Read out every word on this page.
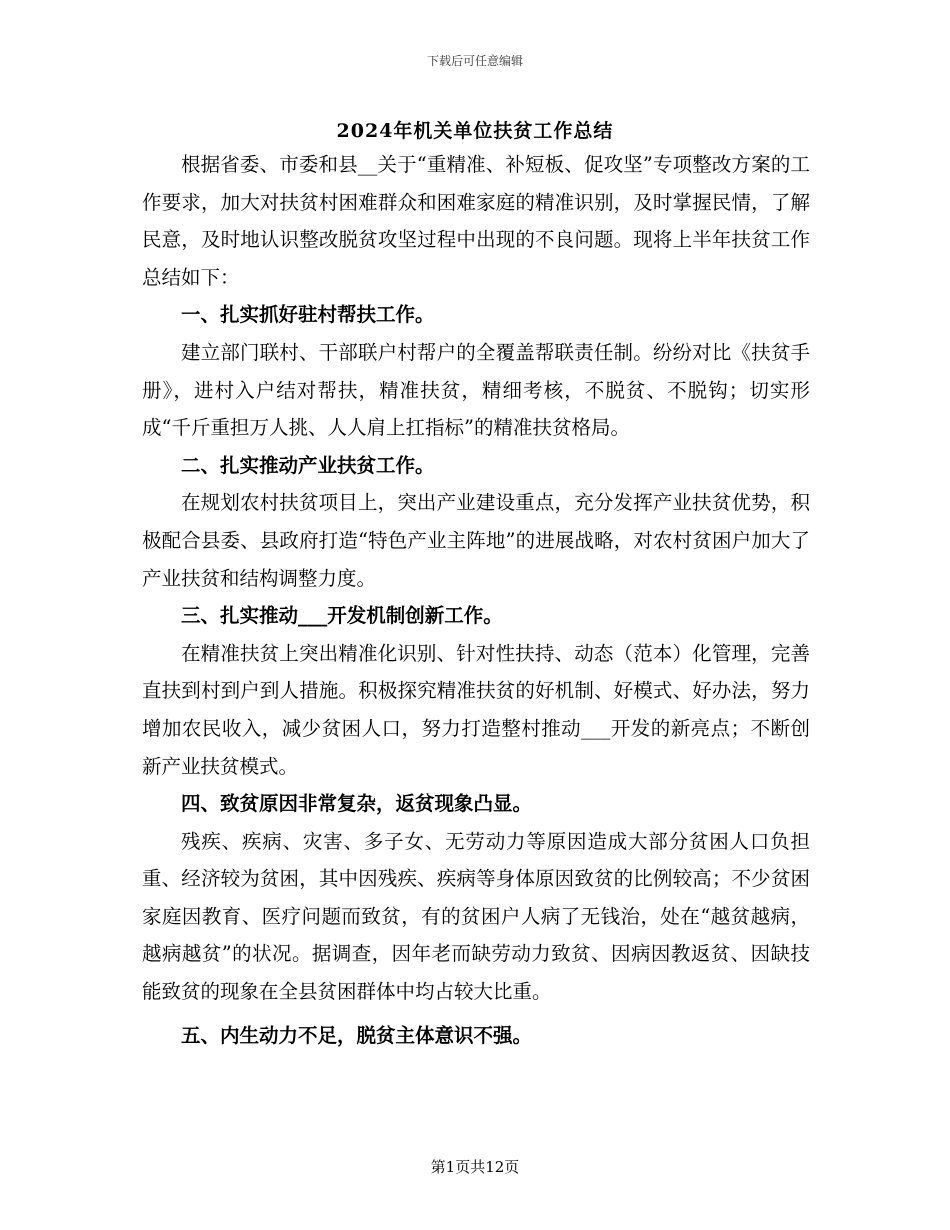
下载后可任意编辑
2024年机关单位扶贫工作总结

根据省委、市委和县__关于“重精准、补短板、促攻坚”专项整改方案的工作要求，加大对扶贫村困难群众和困难家庭的精准识别，及时掌握民情，了解民意，及时地认识整改脱贫攻坚过程中出现的不良问题。现将上半年扶贫工作总结如下：

一、扎实抓好驻村帮扶工作。

建立部门联村、干部联户村帮户的全覆盖帮联责任制。纷纷对比《扶贫手册》，进村入户结对帮扶，精准扶贫，精细考核，不脱贫、不脱钩；切实形成“千斤重担万人挑、人人肩上扛指标”的精准扶贫格局。

二、扎实推动产业扶贫工作。

在规划农村扶贫项目上，突出产业建设重点，充分发挥产业扶贫优势，积极配合县委、县政府打造“特色产业主阵地”的进展战略，对农村贫困户加大了产业扶贫和结构调整力度。

三、扎实推动___开发机制创新工作。

在精准扶贫上突出精准化识别、针对性扶持、动态（范本）化管理，完善直扶到村到户到人措施。积极探究精准扶贫的好机制、好模式、好办法，努力增加农民收入，减少贫困人口，努力打造整村推动___开发的新亮点；不断创新产业扶贫模式。

四、致贫原因非常复杂，返贫现象凸显。

残疾、疾病、灾害、多子女、无劳动力等原因造成大部分贫困人口负担重、经济较为贫困，其中因残疾、疾病等身体原因致贫的比例较高；不少贫困家庭因教育、医疗问题而致贫，有的贫困户人病了无钱治，处在“越贫越病，越病越贫”的状况。据调查，因年老而缺劳动力致贫、因病因教返贫、因缺技能致贫的现象在全县贫困群体中均占较大比重。

五、内生动力不足，脱贫主体意识不强。

第1页共12页
